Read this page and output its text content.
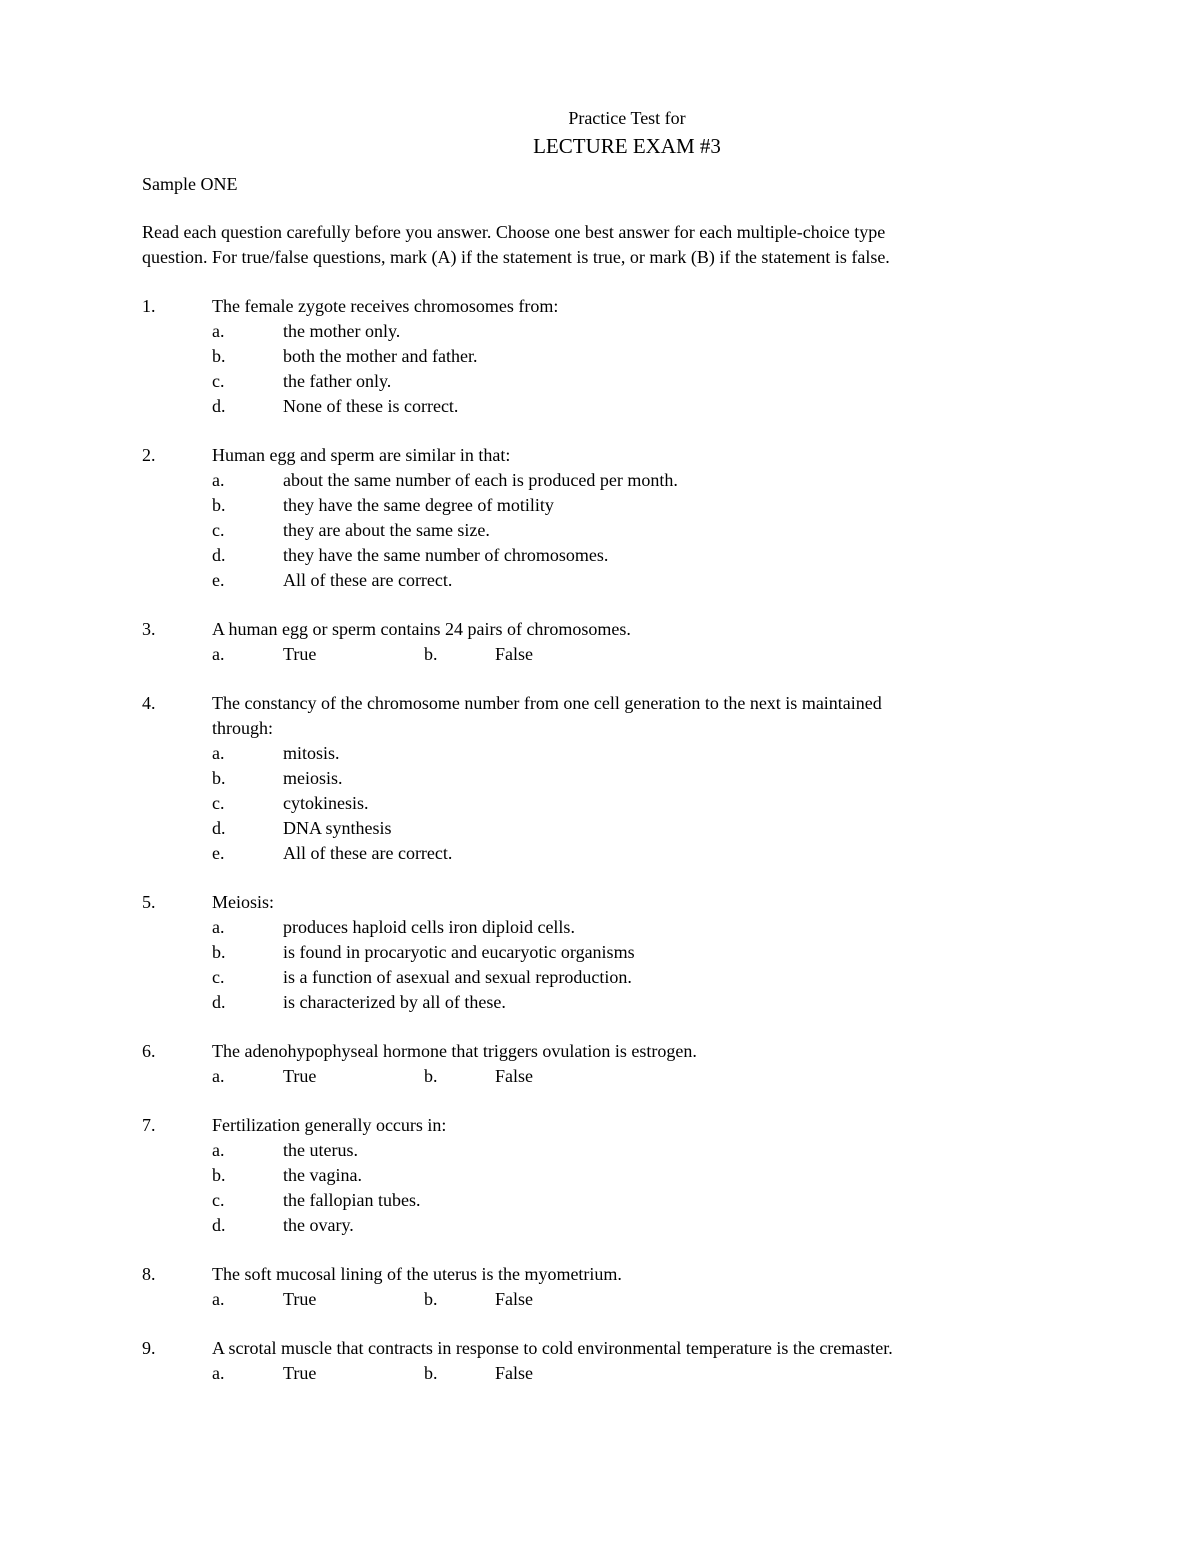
Practice Test for
LECTURE EXAM #3
Sample ONE
Read each question carefully before you answer. Choose one best answer for each multiple-choice type
question. For true/false questions, mark (A) if the statement is true, or mark (B) if the statement is false.
1.	The female zygote receives chromosomes from:
a.	the mother only.
b.	both the mother and father.
c.	the father only.
d.	None of these is correct.
2.	Human egg and sperm are similar in that:
a.	about the same number of each is produced per month.
b.	they have the same degree of motility
c.	they are about the same size.
d.	they have the same number of chromosomes.
e.	All of these are correct.
3.	A human egg or sperm contains 24 pairs of chromosomes.
a.	True	b.	False
4.	The constancy of the chromosome number from one cell generation to the next is maintained
through:
a.	mitosis.
b.	meiosis.
c.	cytokinesis.
d.	DNA synthesis
e.	All of these are correct.
5.	Meiosis:
a.	produces haploid cells iron diploid cells.
b.	is found in procaryotic and eucaryotic organisms
c.	is a function of asexual and sexual reproduction.
d.	is characterized by all of these.
6.	The adenohypophyseal hormone that triggers ovulation is estrogen.
a.	True	b.	False
7.	Fertilization generally occurs in:
a.	the uterus.
b.	the vagina.
c.	the fallopian tubes.
d.	the ovary.
8.	The soft mucosal lining of the uterus is the myometrium.
a.	True	b.	False
9.	A scrotal muscle that contracts in response to cold environmental temperature is the cremaster.
a.	True	b.	False
